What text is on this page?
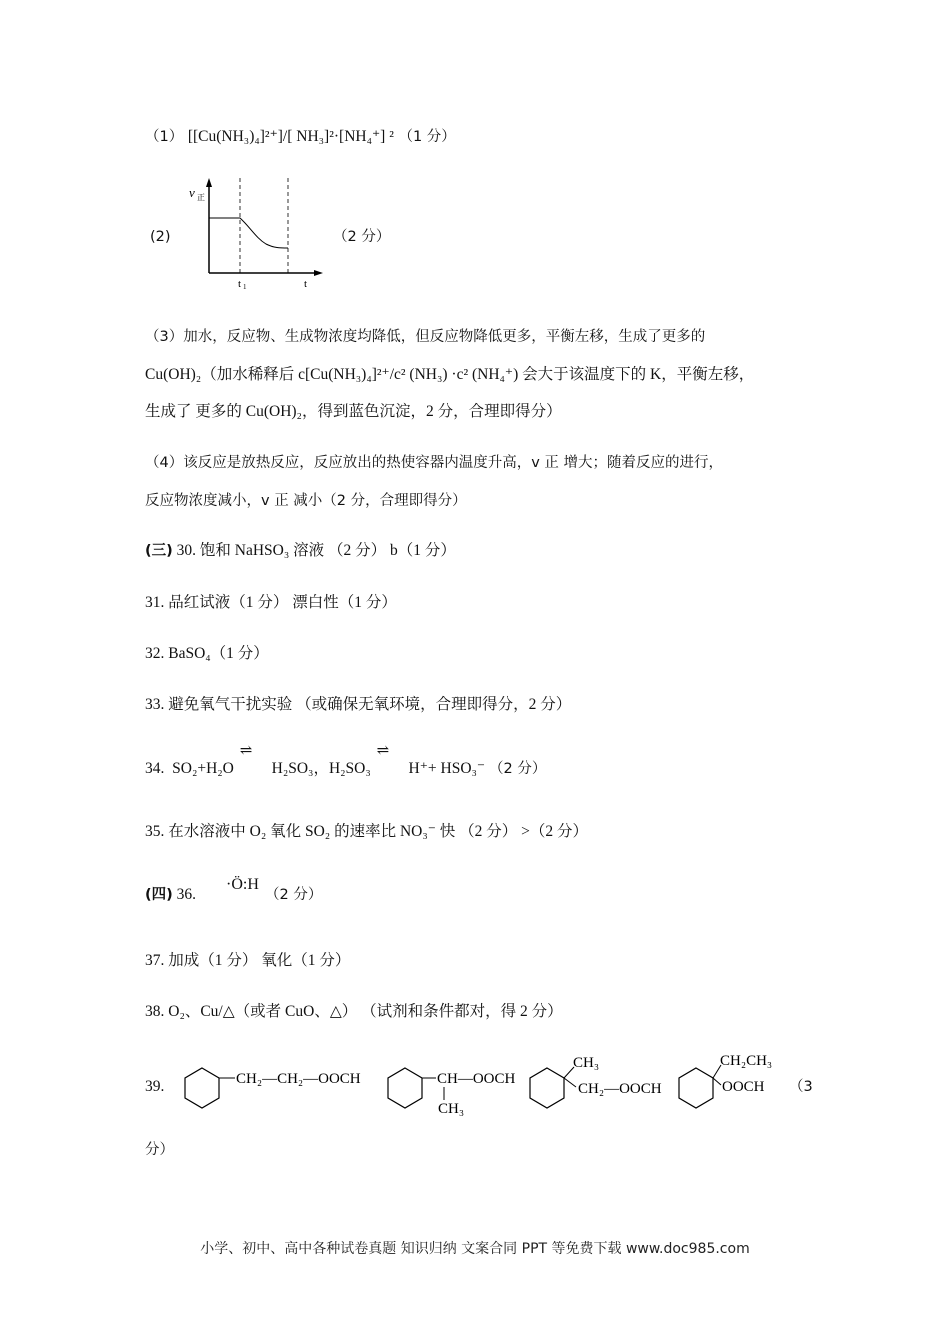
（1） [[Cu(NH₃)₄]²⁺]/[ NH₃]²·[NH₄⁺] ² （1 分）
(2)
v 正
t 1	t
（2 分）
（3）加水，反应物、生成物浓度均降低，但反应物降低更多，平衡左移，生成了更多的
Cu(OH)₂（加水稀释后 c[Cu(NH₃)₄]²⁺/c² (NH₃) ·c² (NH₄⁺) 会大于该温度下的 K，平衡左移，
生成了 更多的 Cu(OH)₂，得到蓝色沉淀，2 分，合理即得分）
（4）该反应是放热反应，反应放出的热使容器内温度升高，v 正 增大；随着反应的进行，
反应物浓度减小，v 正 减小（2 分，合理即得分）
(三) 30. 饱和 NaHSO₃ 溶液 （2 分） b（1 分）
31. 品红试液（1 分） 漂白性（1 分）
32. BaSO₄（1 分）
33. 避免氧气干扰实验 （或确保无氧环境，合理即得分，2 分）
34. SO₂+H₂O
⇌
H₂SO₃，H₂SO₃
⇌
H⁺+ HSO₃⁻ （2 分）
35. 在水溶液中 O₂ 氧化 SO₂ 的速率比 NO₃⁻ 快 （2 分） >（2 分）
(四) 36.
·Ö:H
（2 分）
37. 加成（1 分） 氧化（1 分）
38. O₂、Cu/△（或者 CuO、△） （试剂和条件都对，得 2 分）
39.	CH₂—CH₂—OOCH	CH—OOCH
CH₃
CH₃
CH₂—OOCH
CH₂CH₃
OOCH （3
分）
小学、初中、高中各种试卷真题 知识归纳 文案合同 PPT 等免费下载 www.doc985.com
